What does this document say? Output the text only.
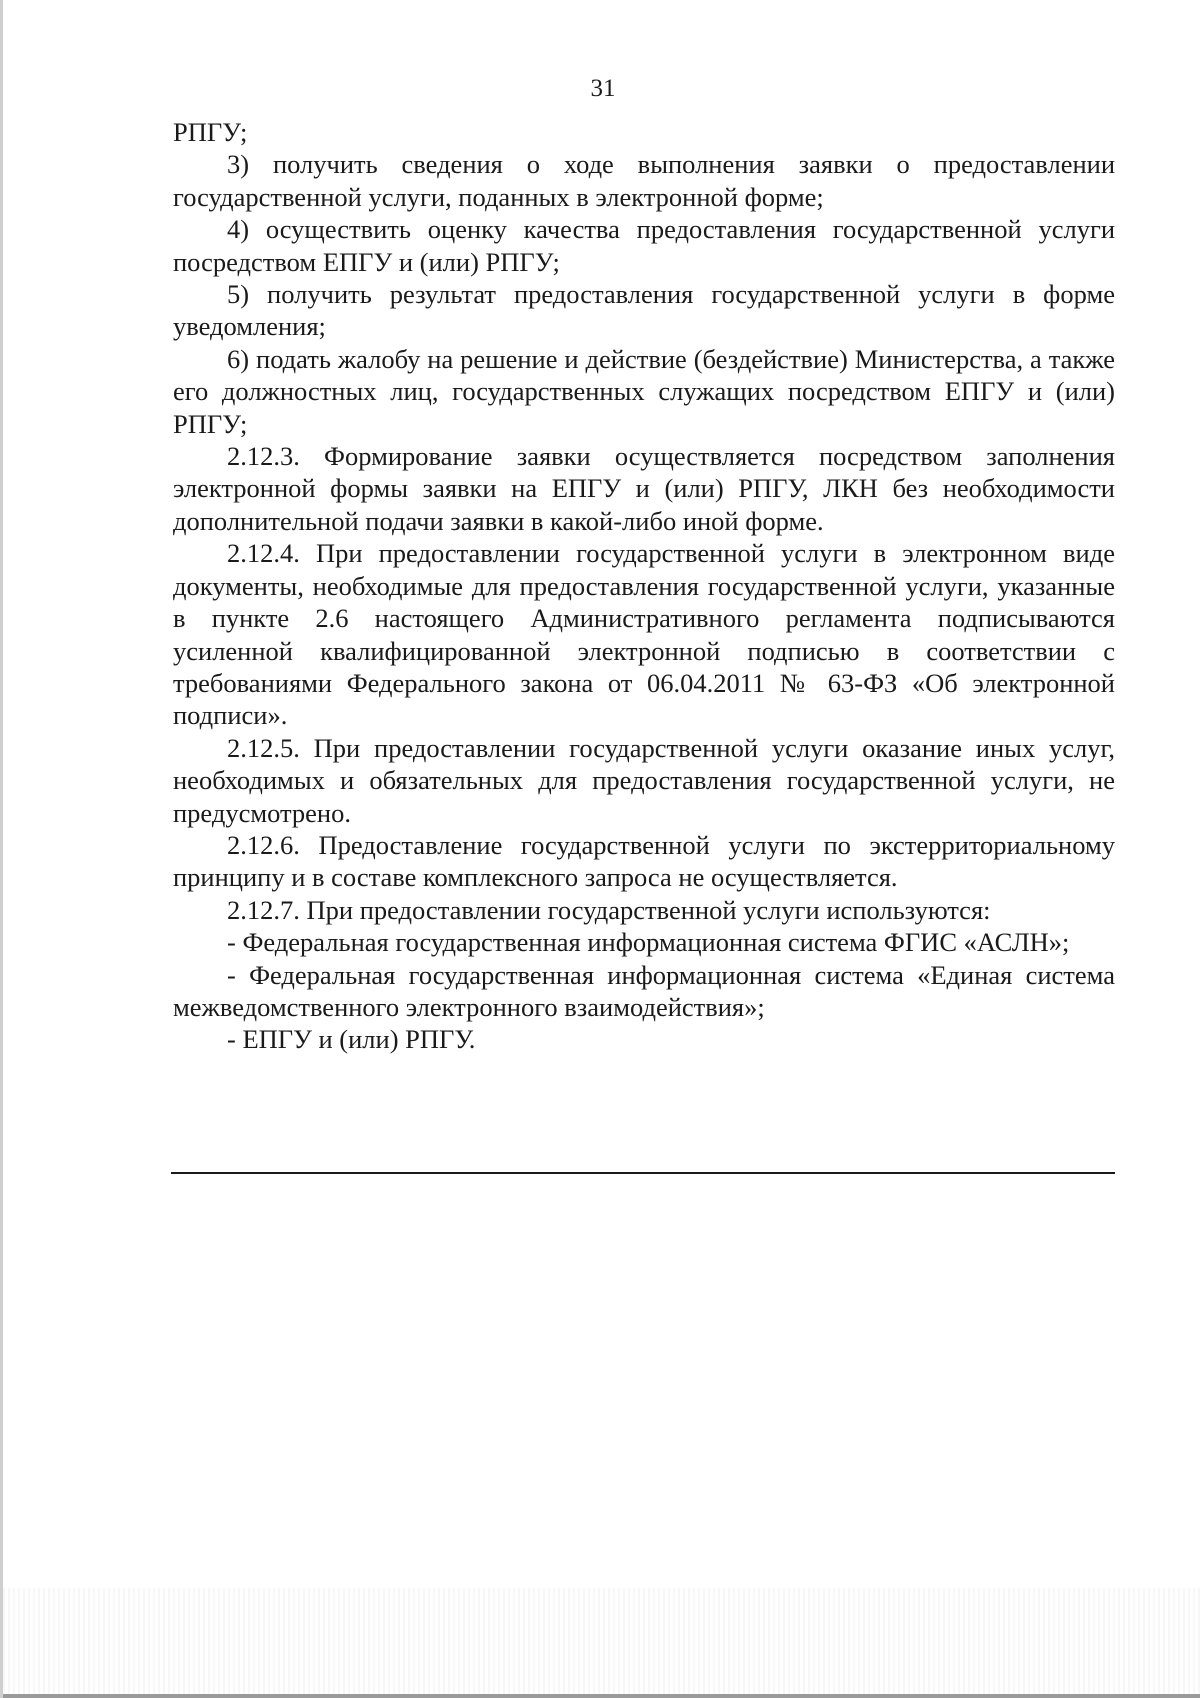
31

РПГУ;

3) получить сведения о ходе выполнения заявки о предоставлении государственной услуги, поданных в электронной форме;

4) осуществить оценку качества предоставления государственной услуги посредством ЕПГУ и (или) РПГУ;

5) получить результат предоставления государственной услуги в форме уведомления;

6) подать жалобу на решение и действие (бездействие) Министерства, а также его должностных лиц, государственных служащих посредством ЕПГУ и (или) РПГУ;

2.12.3. Формирование заявки осуществляется посредством заполнения электронной формы заявки на ЕПГУ и (или) РПГУ, ЛКН без необходимости дополнительной подачи заявки в какой-либо иной форме.

2.12.4. При предоставлении государственной услуги в электронном виде документы, необходимые для предоставления государственной услуги, указанные в пункте 2.6 настоящего Административного регламента подписываются усиленной квалифицированной электронной подписью в соответствии с требованиями Федерального закона от 06.04.2011 № 63-ФЗ «Об электронной подписи».

2.12.5. При предоставлении государственной услуги оказание иных услуг, необходимых и обязательных для предоставления государственной услуги, не предусмотрено.

2.12.6. Предоставление государственной услуги по экстерриториальному принципу и в составе комплексного запроса не осуществляется.

2.12.7. При предоставлении государственной услуги используются:

- Федеральная государственная информационная система ФГИС «АСЛН»;

- Федеральная государственная информационная система «Единая система межведомственного электронного взаимодействия»;

- ЕПГУ и (или) РПГУ.
